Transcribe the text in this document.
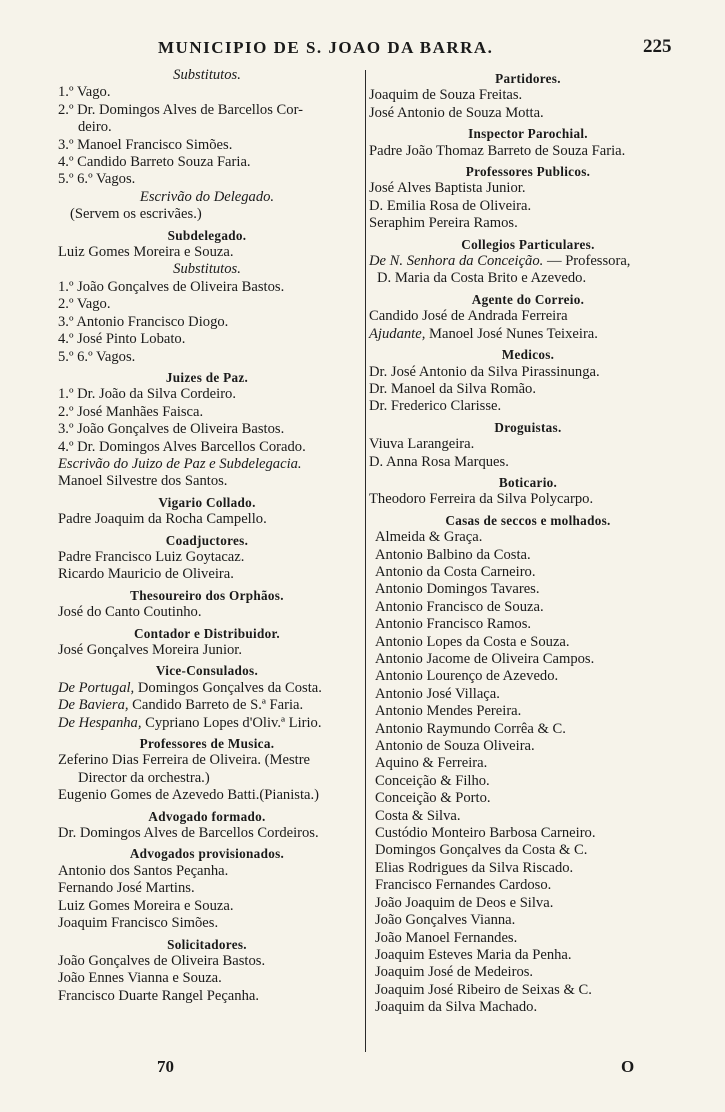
MUNICIPIO DE S. JOAO DA BARRA.	225
Substitutos.
1.º Vago.
2.º Dr. Domingos Alves de Barcellos Cor-
deiro.
3.º Manoel Francisco Simões.
4.º Candido Barreto Souza Faria.
5.º 6.º Vagos.
Escrivão do Delegado.
(Servem os escrivães.)
Subdelegado.
Luiz Gomes Moreira e Souza.
Substitutos.
1.º João Gonçalves de Oliveira Bastos.
2.º Vago.
3.º Antonio Francisco Diogo.
4.º José Pinto Lobato.
5.º 6.º Vagos.
Juizes de Paz.
1.º Dr. João da Silva Cordeiro.
2.º José Manhães Faisca.
3.º João Gonçalves de Oliveira Bastos.
4.º Dr. Domingos Alves Barcellos Corado.
Escrivão do Juizo de Paz e Subdelegacia.
Manoel Silvestre dos Santos.
Vigario Collado.
Padre Joaquim da Rocha Campello.
Coadjuctores.
Padre Francisco Luiz Goytacaz.
Ricardo Mauricio de Oliveira.
Thesoureiro dos Orphãos.
José do Canto Coutinho.
Contador e Distribuidor.
José Gonçalves Moreira Junior.
Vice-Consulados.
De Portugal, Domingos Gonçalves da Costa.
De Baviera, Candido Barreto de S.ª Faria.
De Hespanha, Cypriano Lopes d'Oliv.ª Lirio.
Professores de Musica.
Zeferino Dias Ferreira de Oliveira. (Mestre
Director da orchestra.)
Eugenio Gomes de Azevedo Batti.(Pianista.)
Advogado formado.
Dr. Domingos Alves de Barcellos Cordeiros.
Advogados provisionados.
Antonio dos Santos Peçanha.
Fernando José Martins.
Luiz Gomes Moreira e Souza.
Joaquim Francisco Simões.
Solicitadores.
João Gonçalves de Oliveira Bastos.
João Ennes Vianna e Souza.
Francisco Duarte Rangel Peçanha.
Partidores.
Joaquim de Souza Freitas.
José Antonio de Souza Motta.
Inspector Parochial.
Padre João Thomaz Barreto de Souza Faria.
Professores Publicos.
José Alves Baptista Junior.
D. Emilia Rosa de Oliveira.
Seraphim Pereira Ramos.
Collegios Particulares.
De N. Senhora da Conceição. — Professora,
D. Maria da Costa Brito e Azevedo.
Agente do Correio.
Candido José de Andrada Ferreira
Ajudante, Manoel José Nunes Teixeira.
Medicos.
Dr. José Antonio da Silva Pirassinunga.
Dr. Manoel da Silva Romão.
Dr. Frederico Clarisse.
Droguistas.
Viuva Larangeira.
D. Anna Rosa Marques.
Boticario.
Theodoro Ferreira da Silva Polycarpo.
Casas de seccos e molhados.
Almeida & Graça.
Antonio Balbino da Costa.
Antonio da Costa Carneiro.
Antonio Domingos Tavares.
Antonio Francisco de Souza.
Antonio Francisco Ramos.
Antonio Lopes da Costa e Souza.
Antonio Jacome de Oliveira Campos.
Antonio Lourenço de Azevedo.
Antonio José Villaça.
Antonio Mendes Pereira.
Antonio Raymundo Corrêa & C.
Antonio de Souza Oliveira.
Aquino & Ferreira.
Conceição & Filho.
Conceição & Porto.
Costa & Silva.
Custódio Monteiro Barbosa Carneiro.
Domingos Gonçalves da Costa & C.
Elias Rodrigues da Silva Riscado.
Francisco Fernandes Cardoso.
João Joaquim de Deos e Silva.
João Gonçalves Vianna.
João Manoel Fernandes.
Joaquim Esteves Maria da Penha.
Joaquim José de Medeiros.
Joaquim José Ribeiro de Seixas & C.
Joaquim da Silva Machado.
70	O
